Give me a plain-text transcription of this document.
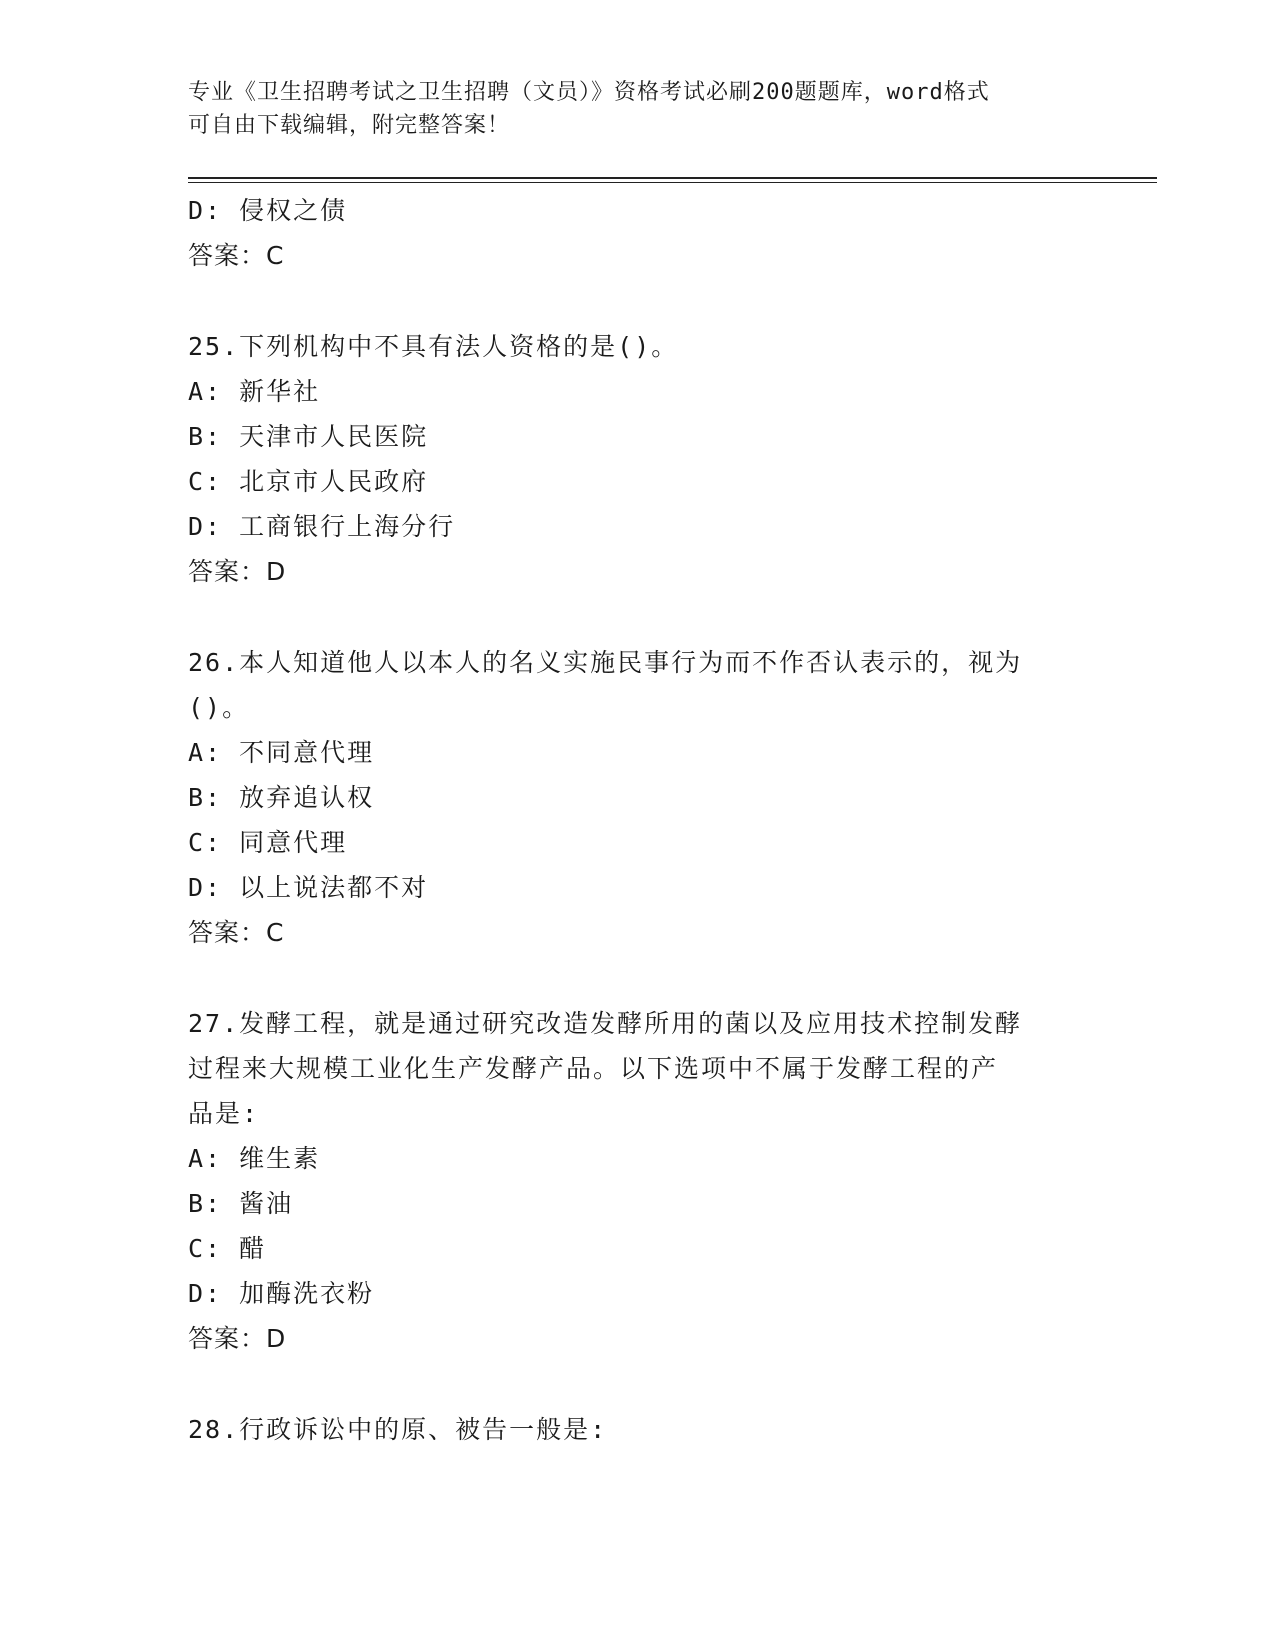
专业《卫生招聘考试之卫生招聘（文员）》资格考试必刷200题题库，word格式
可自由下载编辑，附完整答案！
D: 侵权之债
答案：C
25.下列机构中不具有法人资格的是()。
A: 新华社
B: 天津市人民医院
C: 北京市人民政府
D: 工商银行上海分行
答案：D
26.本人知道他人以本人的名义实施民事行为而不作否认表示的，视为
()。
A: 不同意代理
B: 放弃追认权
C: 同意代理
D: 以上说法都不对
答案：C
27.发酵工程，就是通过研究改造发酵所用的菌以及应用技术控制发酵
过程来大规模工业化生产发酵产品。以下选项中不属于发酵工程的产
品是:
A: 维生素
B: 酱油
C: 醋
D: 加酶洗衣粉
答案：D
28.行政诉讼中的原、被告一般是:
